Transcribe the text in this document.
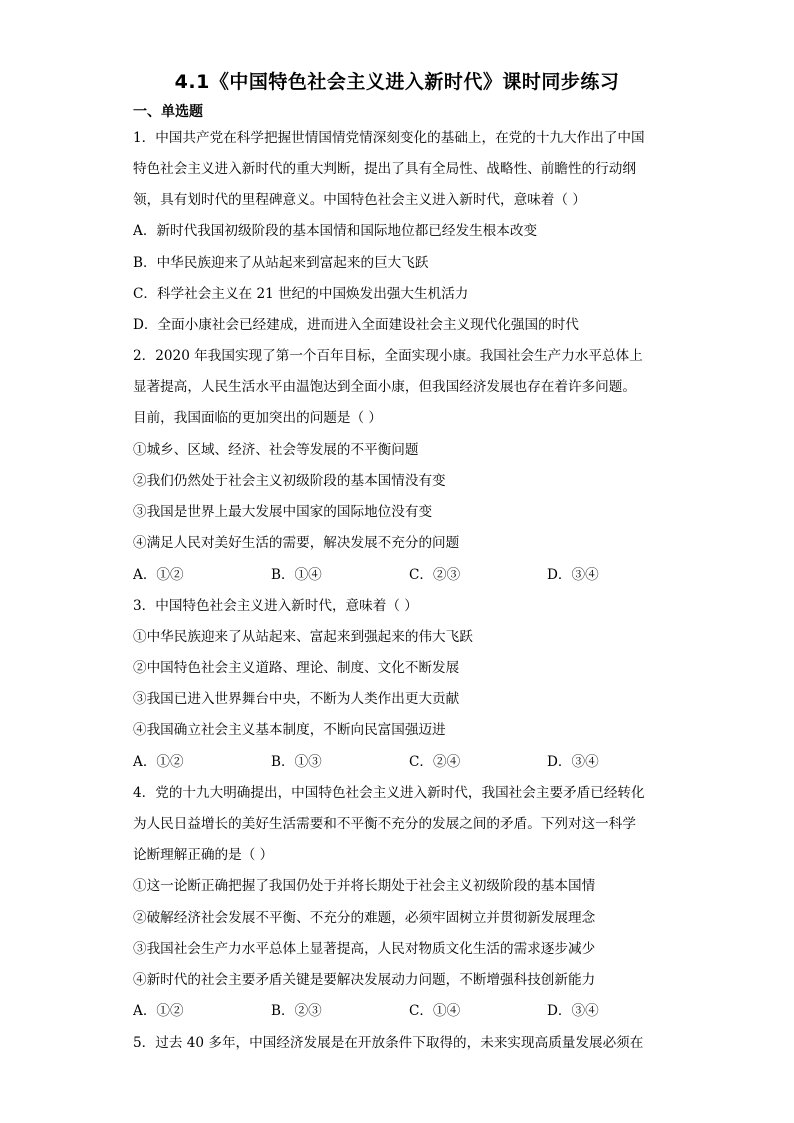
4.1《中国特色社会主义进入新时代》课时同步练习
一、单选题
1．中国共产党在科学把握世情国情党情深刻变化的基础上，在党的十九大作出了中国
特色社会主义进入新时代的重大判断，提出了具有全局性、战略性、前瞻性的行动纲
领，具有划时代的里程碑意义。中国特色社会主义进入新时代，意味着（ ）
A．新时代我国初级阶段的基本国情和国际地位都已经发生根本改变
B．中华民族迎来了从站起来到富起来的巨大飞跃
C．科学社会主义在 21 世纪的中国焕发出强大生机活力
D．全面小康社会已经建成，进而进入全面建设社会主义现代化强国的时代
2．2020 年我国实现了第一个百年目标，全面实现小康。我国社会生产力水平总体上
显著提高，人民生活水平由温饱达到全面小康，但我国经济发展也存在着许多问题。
目前，我国面临的更加突出的问题是（ ）
①城乡、区域、经济、社会等发展的不平衡问题
②我们仍然处于社会主义初级阶段的基本国情没有变
③我国是世界上最大发展中国家的国际地位没有变
④满足人民对美好生活的需要，解决发展不充分的问题
A．①②	B．①④	C．②③	D．③④
3．中国特色社会主义进入新时代，意味着（ ）
①中华民族迎来了从站起来、富起来到强起来的伟大飞跃
②中国特色社会主义道路、理论、制度、文化不断发展
③我国已进入世界舞台中央，不断为人类作出更大贡献
④我国确立社会主义基本制度，不断向民富国强迈进
A．①②	B．①③	C．②④	D．③④
4．党的十九大明确提出，中国特色社会主义进入新时代，我国社会主要矛盾已经转化
为人民日益增长的美好生活需要和不平衡不充分的发展之间的矛盾。下列对这一科学
论断理解正确的是（ ）
①这一论断正确把握了我国仍处于并将长期处于社会主义初级阶段的基本国情
②破解经济社会发展不平衡、不充分的难题，必须牢固树立并贯彻新发展理念
③我国社会生产力水平总体上显著提高，人民对物质文化生活的需求逐步减少
④新时代的社会主要矛盾关键是要解决发展动力问题，不断增强科技创新能力
A．①②	B．②③	C．①④	D．③④
5．过去 40 多年，中国经济发展是在开放条件下取得的，未来实现高质量发展必须在
